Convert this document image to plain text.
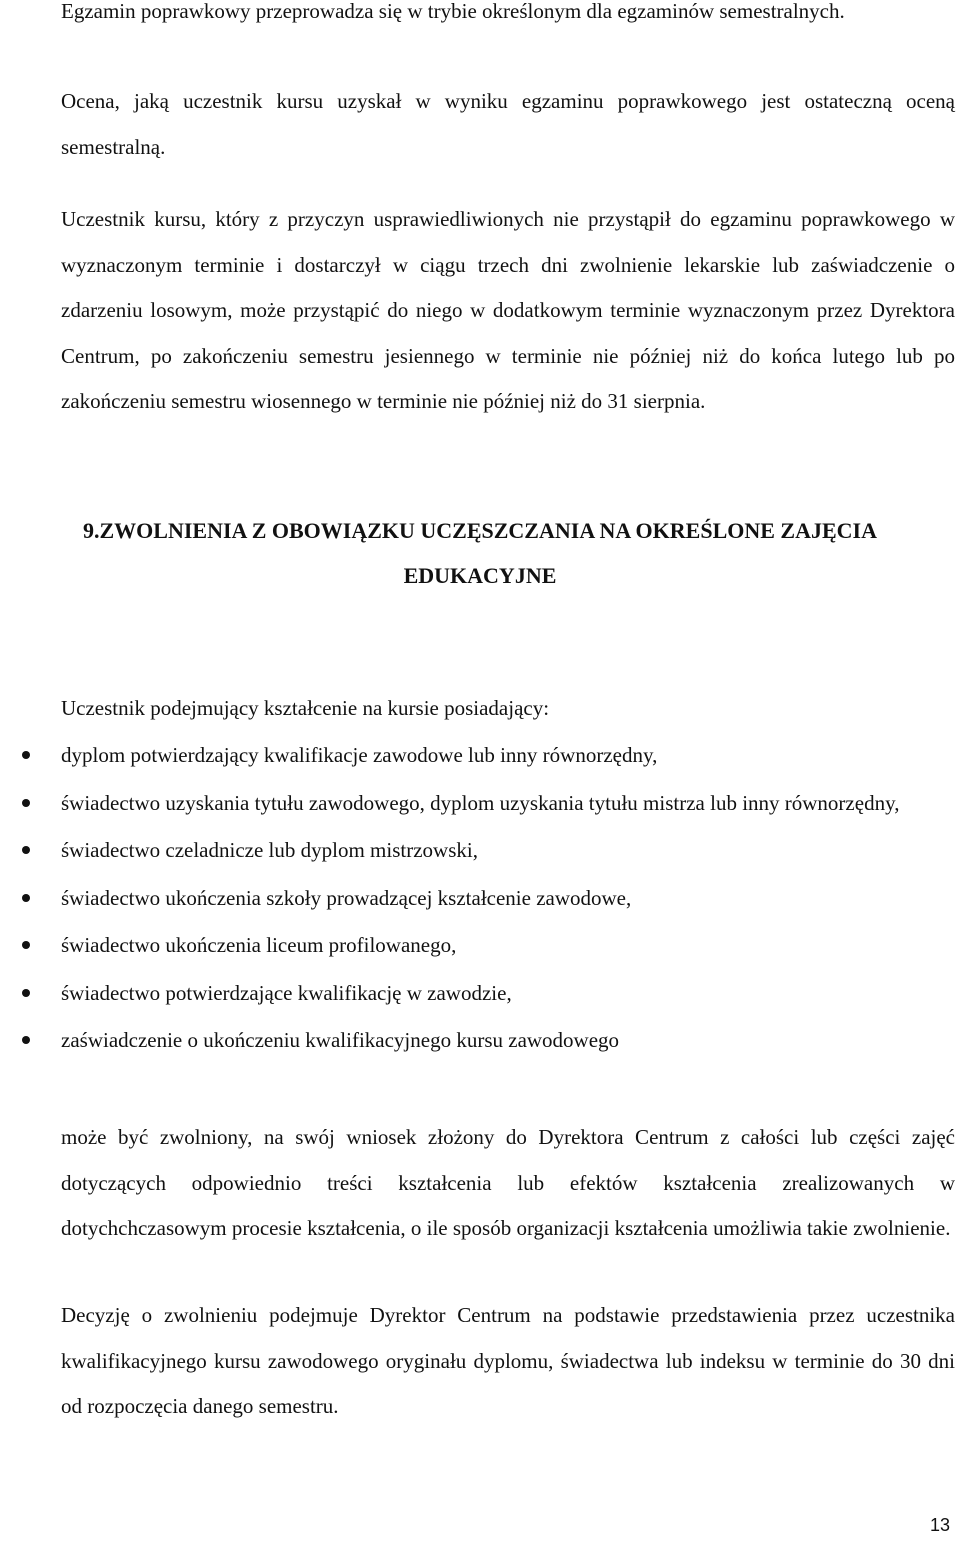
Egzamin poprawkowy przeprowadza się w trybie określonym dla egzaminów semestralnych.

Ocena, jaką uczestnik kursu uzyskał w wyniku egzaminu poprawkowego jest ostateczną oceną semestralną.

Uczestnik kursu, który z przyczyn usprawiedliwionych nie przystąpił do egzaminu poprawkowego w wyznaczonym terminie i dostarczył w ciągu trzech dni zwolnienie lekarskie lub zaświadczenie o zdarzeniu losowym, może przystąpić do niego w dodatkowym terminie wyznaczonym przez Dyrektora Centrum, po zakończeniu semestru jesiennego w terminie nie później niż do końca lutego lub po zakończeniu semestru wiosennego w terminie nie później niż do 31 sierpnia.

9.ZWOLNIENIA Z OBOWIĄZKU UCZĘSZCZANIA NA OKREŚLONE ZAJĘCIA
EDUKACYJNE

Uczestnik podejmujący kształcenie na kursie posiadający:

dyplom potwierdzający kwalifikacje zawodowe lub inny równorzędny,
świadectwo uzyskania tytułu zawodowego, dyplom uzyskania tytułu mistrza lub inny równorzędny,
świadectwo czeladnicze lub dyplom mistrzowski,
świadectwo ukończenia szkoły prowadzącej kształcenie zawodowe,
świadectwo ukończenia liceum profilowanego,
świadectwo potwierdzające kwalifikację w zawodzie,
zaświadczenie o ukończeniu kwalifikacyjnego kursu zawodowego

może być zwolniony, na swój wniosek złożony do Dyrektora Centrum z całości lub części zajęć dotyczących odpowiednio treści kształcenia lub efektów kształcenia zrealizowanych w dotychchczasowym procesie kształcenia, o ile sposób organizacji kształcenia umożliwia takie zwolnienie.

Decyzję o zwolnieniu podejmuje Dyrektor Centrum na podstawie przedstawienia przez uczestnika kwalifikacyjnego kursu zawodowego oryginału dyplomu, świadectwa lub indeksu w terminie do 30 dni od rozpoczęcia danego semestru.

13
